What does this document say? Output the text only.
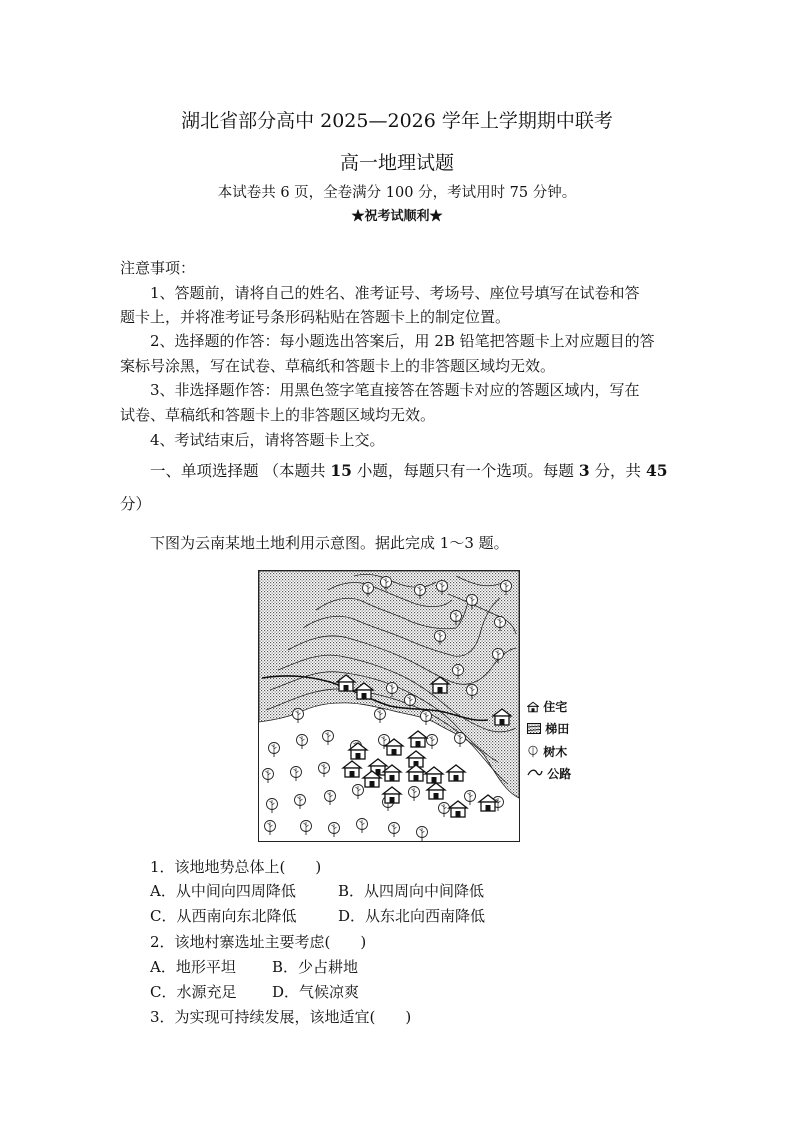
湖北省部分高中 2025—2026 学年上学期期中联考
高一地理试题
本试卷共 6 页，全卷满分 100 分，考试用时 75 分钟。
★祝考试顺利★
注意事项：
1、答题前，请将自己的姓名、准考证号、考场号、座位号填写在试卷和答
题卡上，并将准考证号条形码粘贴在答题卡上的制定位置。
2、选择题的作答：每小题选出答案后，用 2B 铅笔把答题卡上对应题目的答
案标号涂黑，写在试卷、草稿纸和答题卡上的非答题区域均无效。
3、非选择题作答：用黑色签字笔直接答在答题卡对应的答题区域内，写在
试卷、草稿纸和答题卡上的非答题区域均无效。
4、考试结束后，请将答题卡上交。
一、单项选择题 （本题共 15 小题，每题只有一个选项。每题 3 分，共 45
分）
下图为云南某地土地利用示意图。据此完成 1～3 题。
住宅
梯田
树木
公路
1．该地地势总体上(　　)
A．从中间向四周降低	B．从四周向中间降低
C．从西南向东北降低	D．从东北向西南降低
2．该地村寨选址主要考虑(　　)
A．地形平坦 B．少占耕地
C．水源充足 D．气候凉爽
3．为实现可持续发展，该地适宜(　　)
